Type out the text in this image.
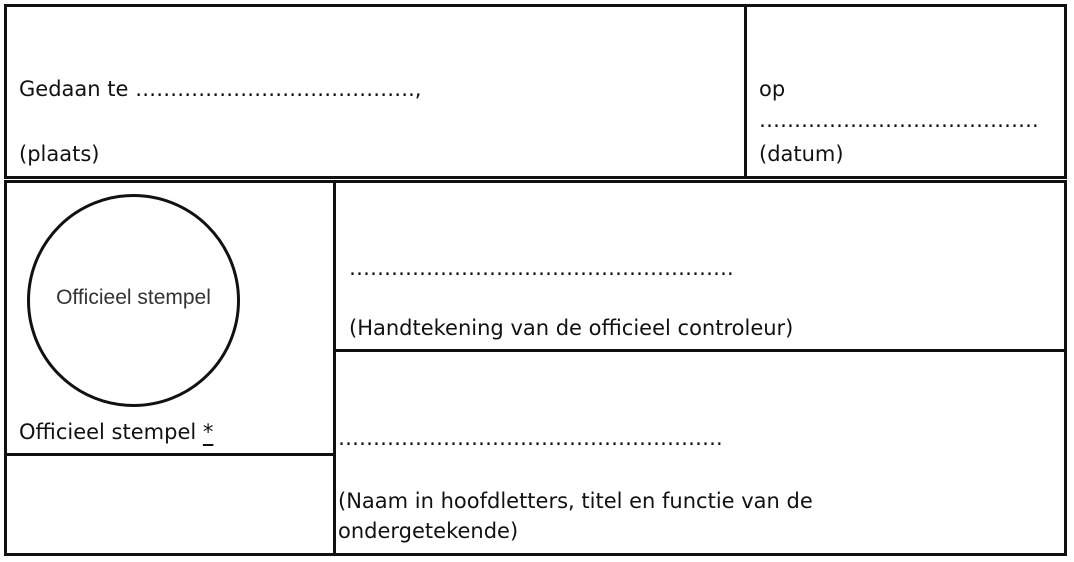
Gedaan te ………………………………….,
(plaats)
op
………………………………….
(datum)
Officieel stempel
Officieel stempel *
……………………………………………….
(Handtekening van de officieel controleur)
……………………………………………….
(Naam in hoofdletters, titel en functie van de
ondergetekende)
